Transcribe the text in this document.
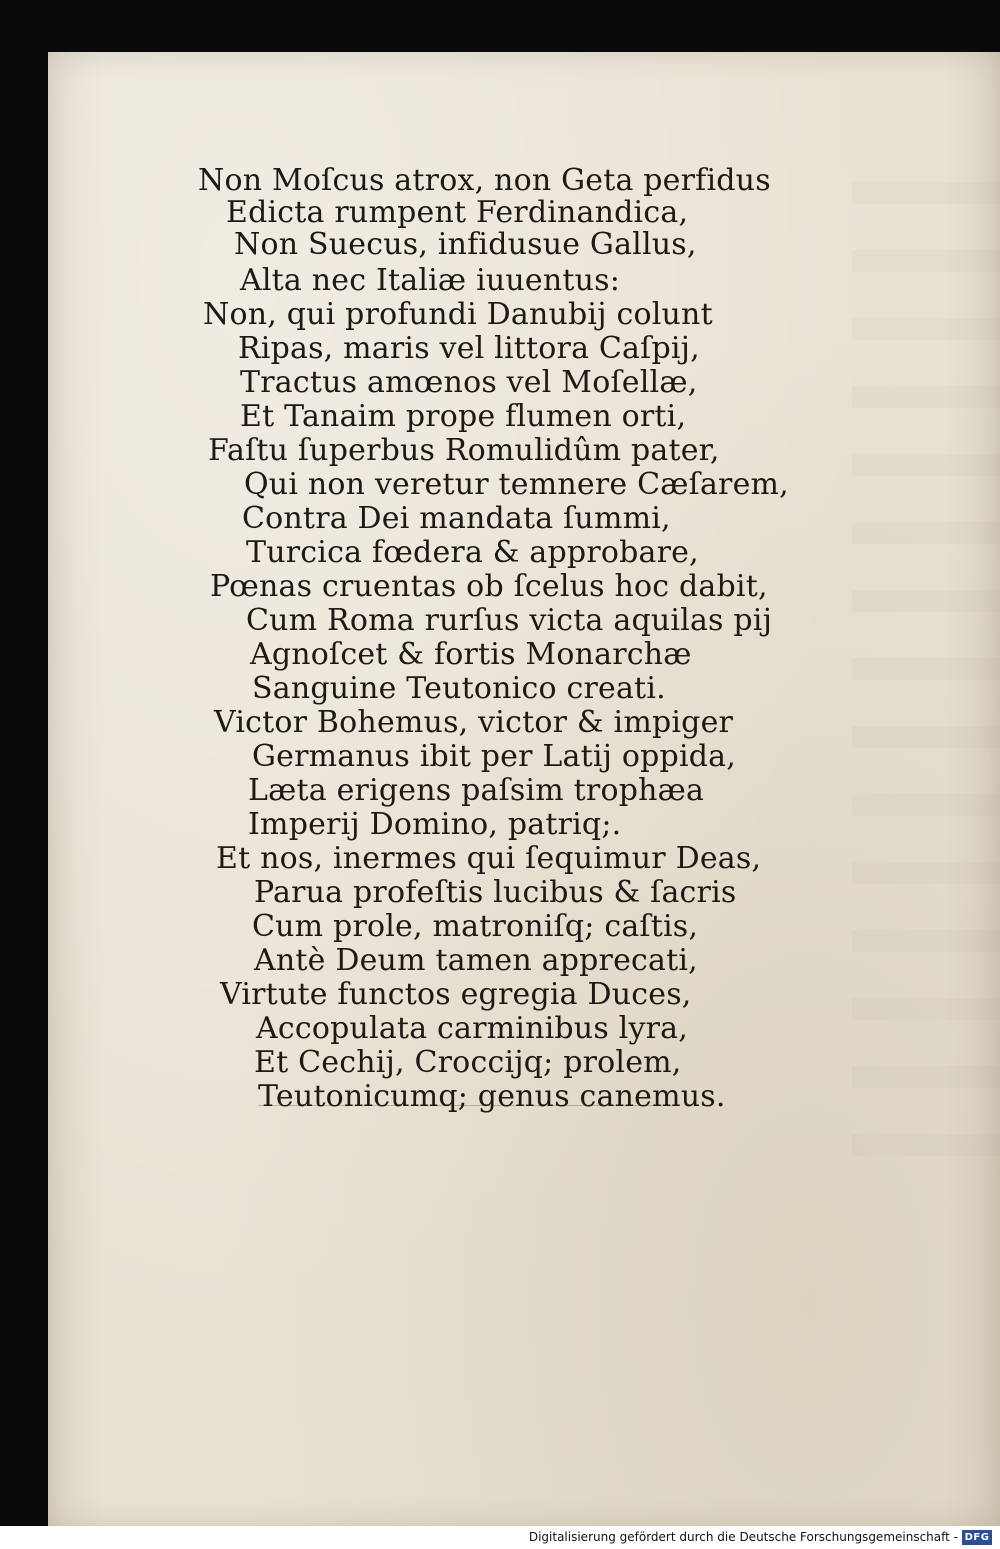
Non Moſcus atrox, non Geta perfidus
Edicta rumpent Ferdinandica,
Non Suecus, infidusue Gallus,
Alta nec Italiæ iuuentus:
Non, qui profundi Danubij colunt
Ripas, maris vel littora Caſpij,
Tractus amœnos vel Moſellæ,
Et Tanaim prope flumen orti,
Faſtu ſuperbus Romulidûm pater,
Qui non veretur temnere Cæſarem,
Contra Dei mandata ſummi,
Turcica fœdera & approbare,
Pœnas cruentas ob ſcelus hoc dabit,
Cum Roma rurſus victa aquilas pij
Agnoſcet & fortis Monarchæ
Sanguine Teutonico creati.
Victor Bohemus, victor & impiger
Germanus ibit per Latij oppida,
Læta erigens paſsim trophæa
Imperij Domino, patriq;.
Et nos, inermes qui ſequimur Deas,
Parua profeſtis lucibus & ſacris
Cum prole, matroniſq; caſtis,
Antè Deum tamen apprecati,
Virtute functos egregia Duces,
Accopulata carminibus lyra,
Et Cechij, Croccijq; prolem,
Teutonicumq; genus canemus.
Digitalisierung gefördert durch die Deutsche Forschungsgemeinschaft - DFG
